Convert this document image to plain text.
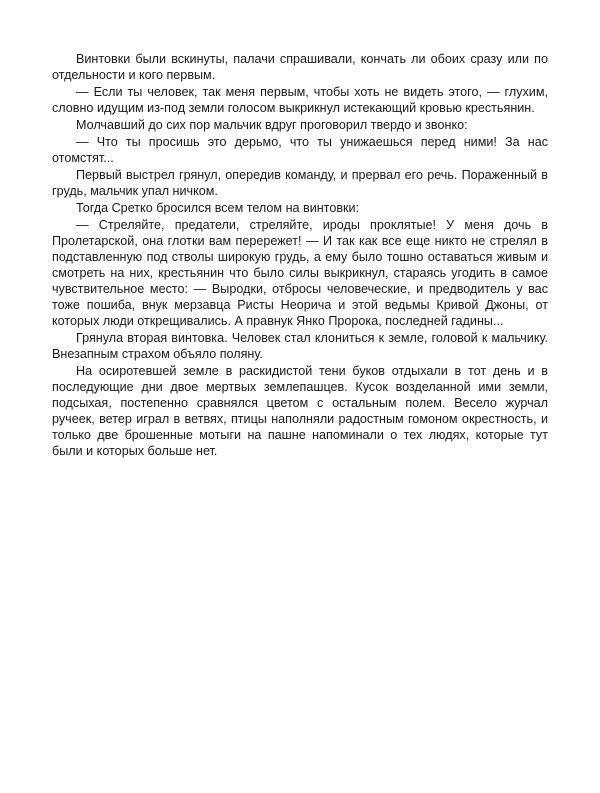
Винтовки были вскинуты, палачи спрашивали, кончать ли обоих сразу или по отдельности и кого первым.

— Если ты человек, так меня первым, чтобы хоть не видеть этого, — глухим, словно идущим из-под земли голосом выкрикнул истекающий кровью крестьянин.

Молчавший до сих пор мальчик вдруг проговорил твердо и звонко:

— Что ты просишь это дерьмо, что ты унижаешься перед ними! За нас отомстят...

Первый выстрел грянул, опередив команду, и прервал его речь. Пораженный в грудь, мальчик упал ничком.

Тогда Сретко бросился всем телом на винтовки:

— Стреляйте, предатели, стреляйте, ироды проклятые! У меня дочь в Пролетарской, она глотки вам перережет! — И так как все еще никто не стрелял в подставленную под стволы широкую грудь, а ему было тошно оставаться живым и смотреть на них, крестьянин что было силы выкрикнул, стараясь угодить в самое чувствительное место: — Выродки, отбросы человеческие, и предводитель у вас тоже пошиба, внук мерзавца Ристы Неорича и этой ведьмы Кривой Джоны, от которых люди открещивались. А правнук Янко Пророка, последней гадины...

Грянула вторая винтовка. Человек стал клониться к земле, головой к мальчику. Внезапным страхом объяло поляну.

На осиротевшей земле в раскидистой тени буков отдыхали в тот день и в последующие дни двое мертвых землепашцев. Кусок возделанной ими земли, подсыхая, постепенно сравнялся цветом с остальным полем. Весело журчал ручеек, ветер играл в ветвях, птицы наполняли радостным гомоном окрестность, и только две брошенные мотыги на пашне напоминали о тех людях, которые тут были и которых больше нет.
